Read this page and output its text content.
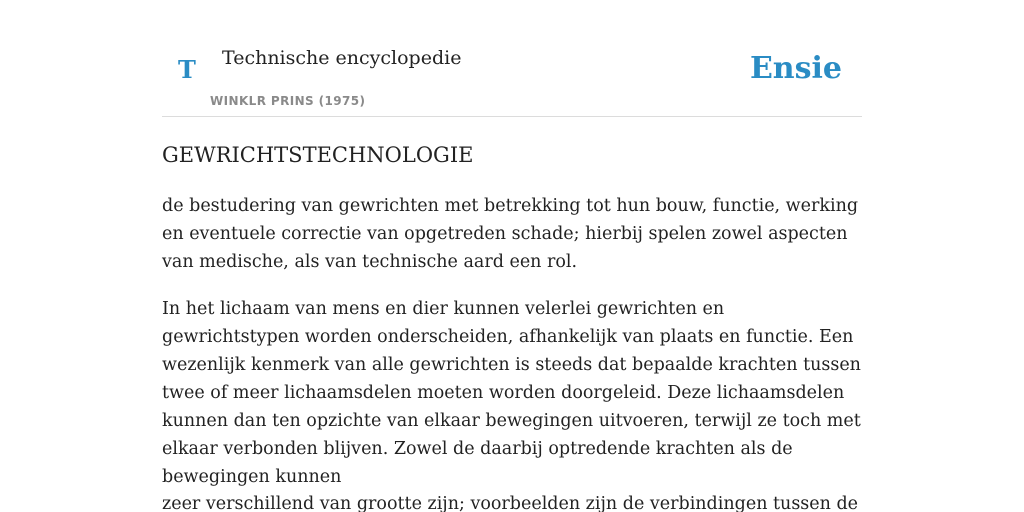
T Technische encyclopedie
WINKLR PRINS (1975)
Ensie
GEWRICHTSTECHNOLOGIE

de bestudering van gewrichten met betrekking tot hun bouw, functie, werking en eventuele correctie van opgetreden schade; hierbij spelen zowel aspecten van medische, als van technische aard een rol.

In het lichaam van mens en dier kunnen velerlei gewrichten en gewrichtstypen worden onderscheiden, afhankelijk van plaats en functie. Een wezenlijk kenmerk van alle gewrichten is steeds dat bepaalde krachten tussen twee of meer lichaamsdelen moeten worden doorgeleid. Deze lichaamsdelen kunnen dan ten opzichte van elkaar bewegingen uitvoeren, terwijl ze toch met elkaar verbonden blijven. Zowel de daarbij optredende krachten als de bewegingen kunnen

zeer verschillend van grootte zijn; voorbeelden zijn de verbindingen tussen de
